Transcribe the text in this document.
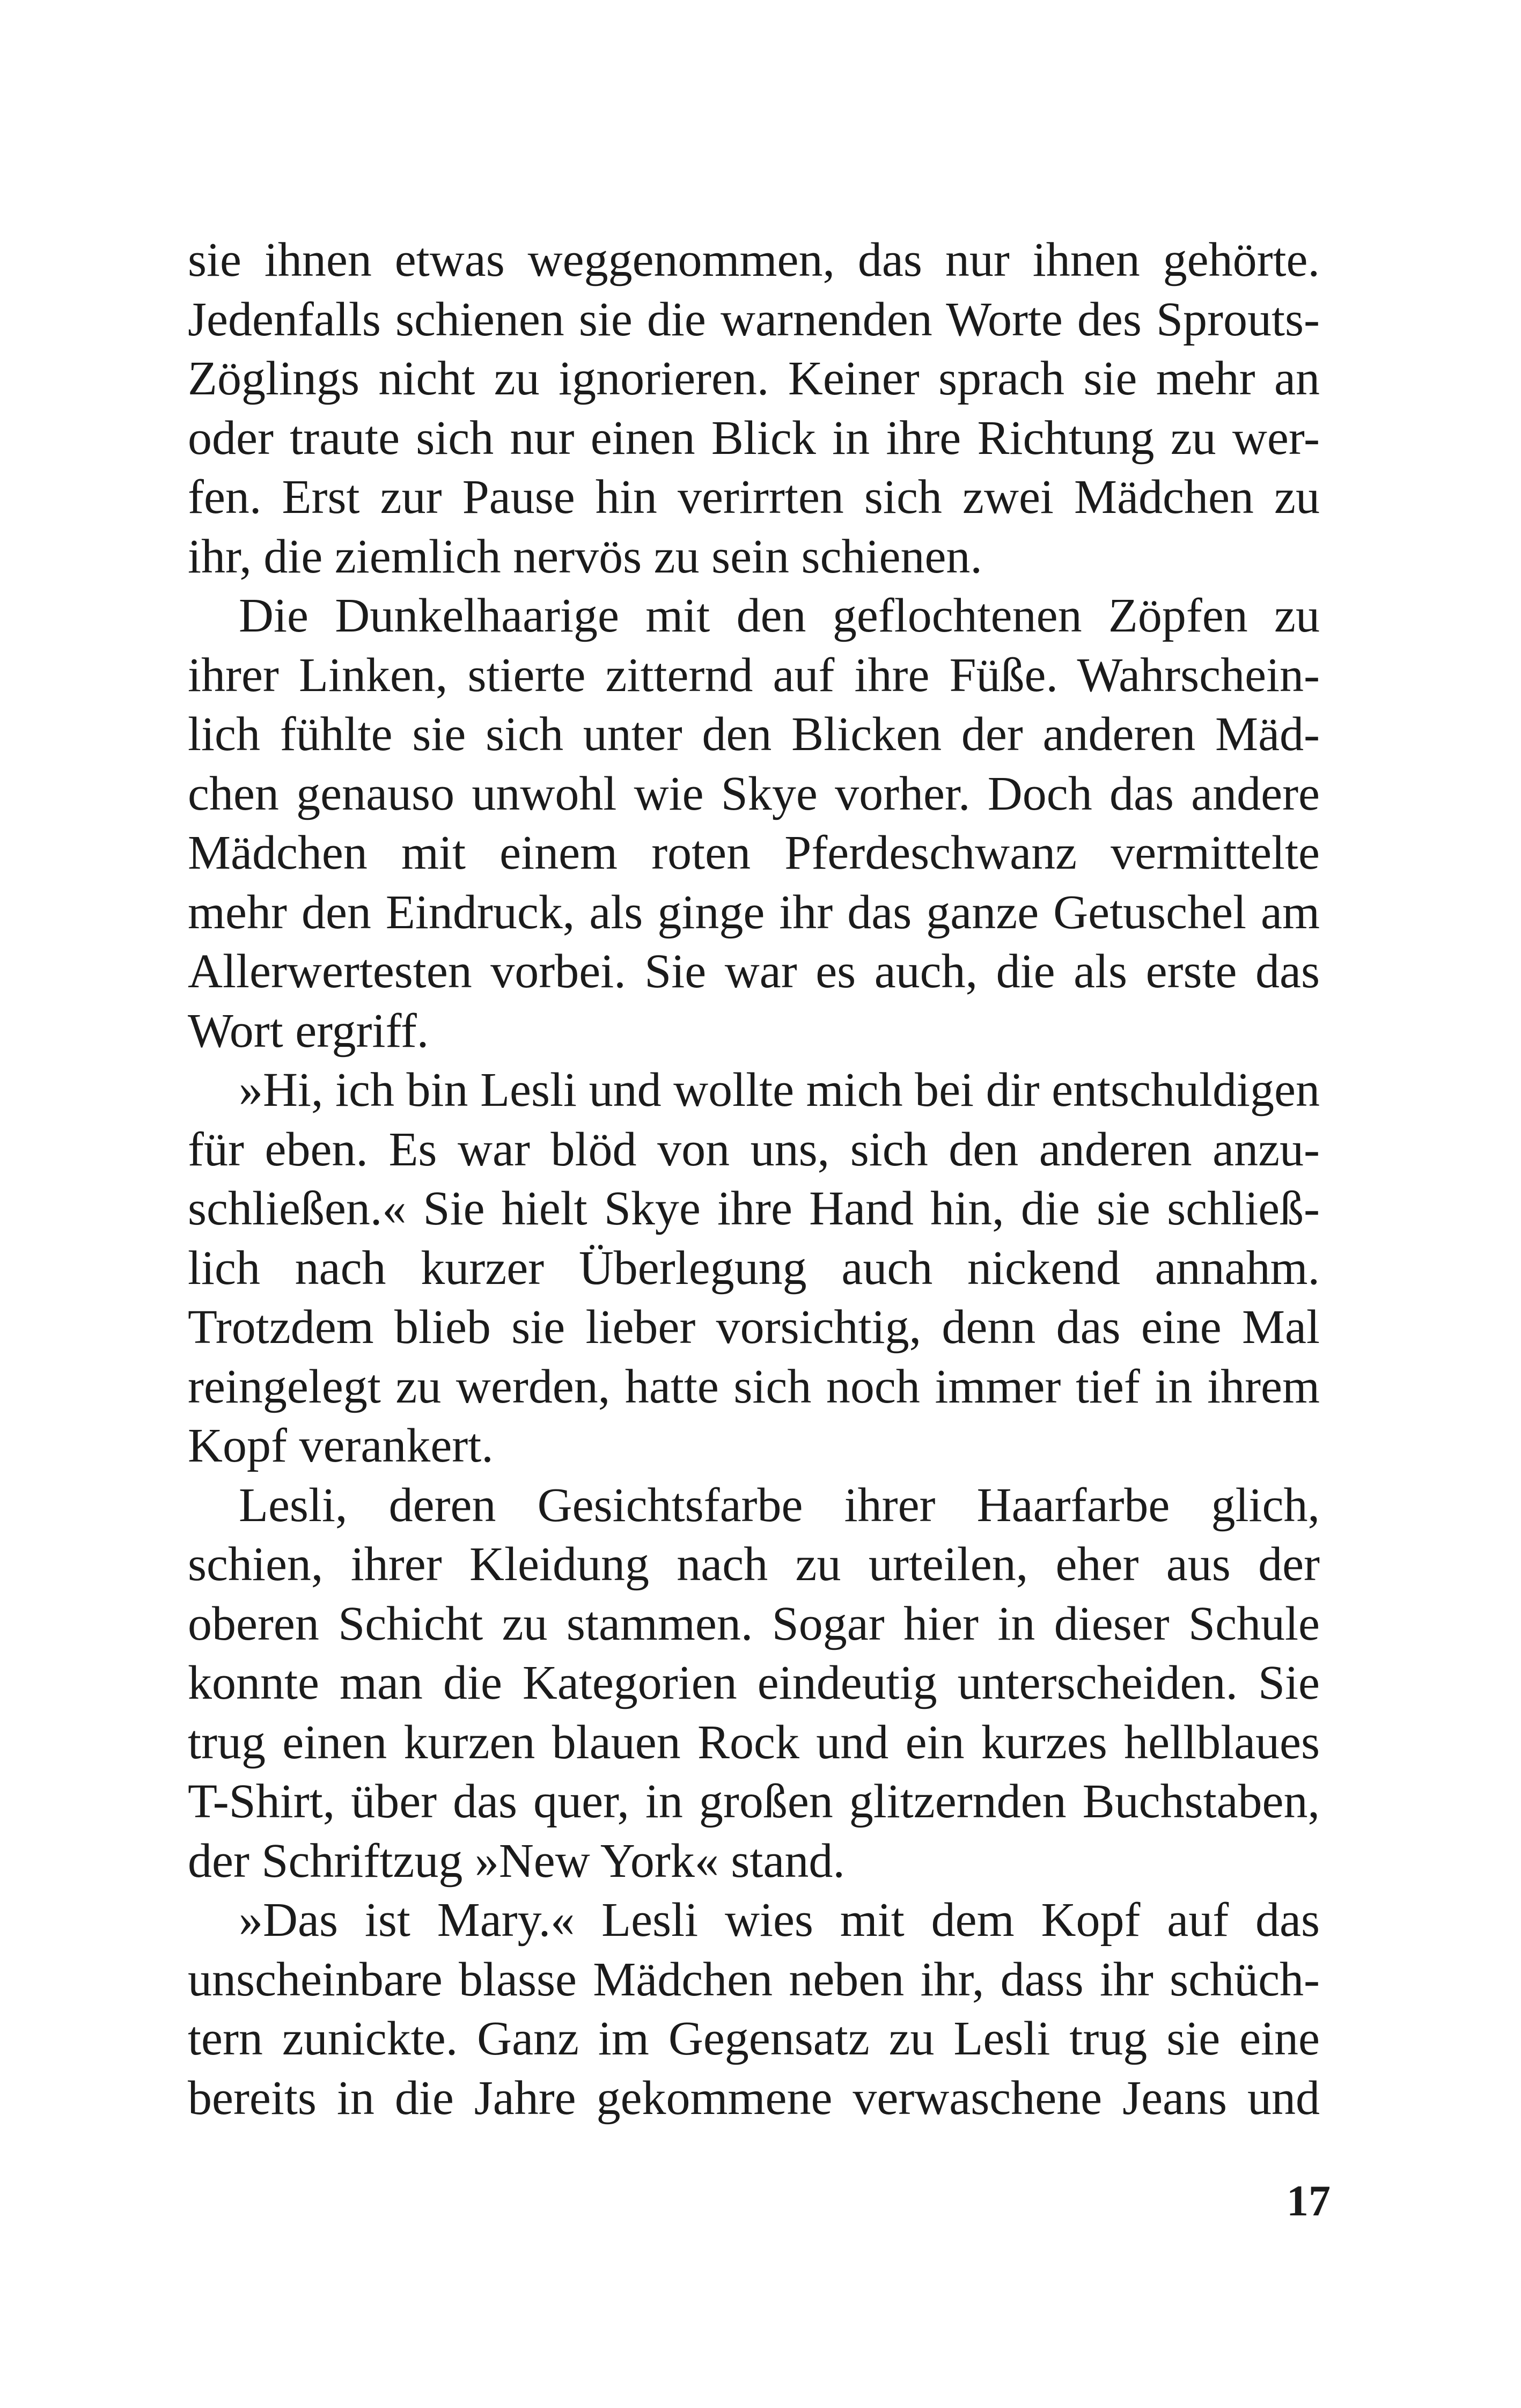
sie ihnen etwas weggenommen, das nur ihnen gehörte.
Jedenfalls schienen sie die warnenden Worte des Sprouts-
Zöglings nicht zu ignorieren. Keiner sprach sie mehr an
oder traute sich nur einen Blick in ihre Richtung zu wer-
fen. Erst zur Pause hin verirrten sich zwei Mädchen zu
ihr, die ziemlich nervös zu sein schienen.
Die Dunkelhaarige mit den geflochtenen Zöpfen zu
ihrer Linken, stierte zitternd auf ihre Füße. Wahrschein-
lich fühlte sie sich unter den Blicken der anderen Mäd-
chen genauso unwohl wie Skye vorher. Doch das andere
Mädchen mit einem roten Pferdeschwanz vermittelte
mehr den Eindruck, als ginge ihr das ganze Getuschel am
Allerwertesten vorbei. Sie war es auch, die als erste das
Wort ergriff.
»Hi, ich bin Lesli und wollte mich bei dir entschuldigen
für eben. Es war blöd von uns, sich den anderen anzu-
schließen.« Sie hielt Skye ihre Hand hin, die sie schließ-
lich nach kurzer Überlegung auch nickend annahm.
Trotzdem blieb sie lieber vorsichtig, denn das eine Mal
reingelegt zu werden, hatte sich noch immer tief in ihrem
Kopf verankert.
Lesli, deren Gesichtsfarbe ihrer Haarfarbe glich,
schien, ihrer Kleidung nach zu urteilen, eher aus der
oberen Schicht zu stammen. Sogar hier in dieser Schule
konnte man die Kategorien eindeutig unterscheiden. Sie
trug einen kurzen blauen Rock und ein kurzes hellblaues
T-Shirt, über das quer, in großen glitzernden Buchstaben,
der Schriftzug »New York« stand.
»Das ist Mary.« Lesli wies mit dem Kopf auf das
unscheinbare blasse Mädchen neben ihr, dass ihr schüch-
tern zunickte. Ganz im Gegensatz zu Lesli trug sie eine
bereits in die Jahre gekommene verwaschene Jeans und
17
